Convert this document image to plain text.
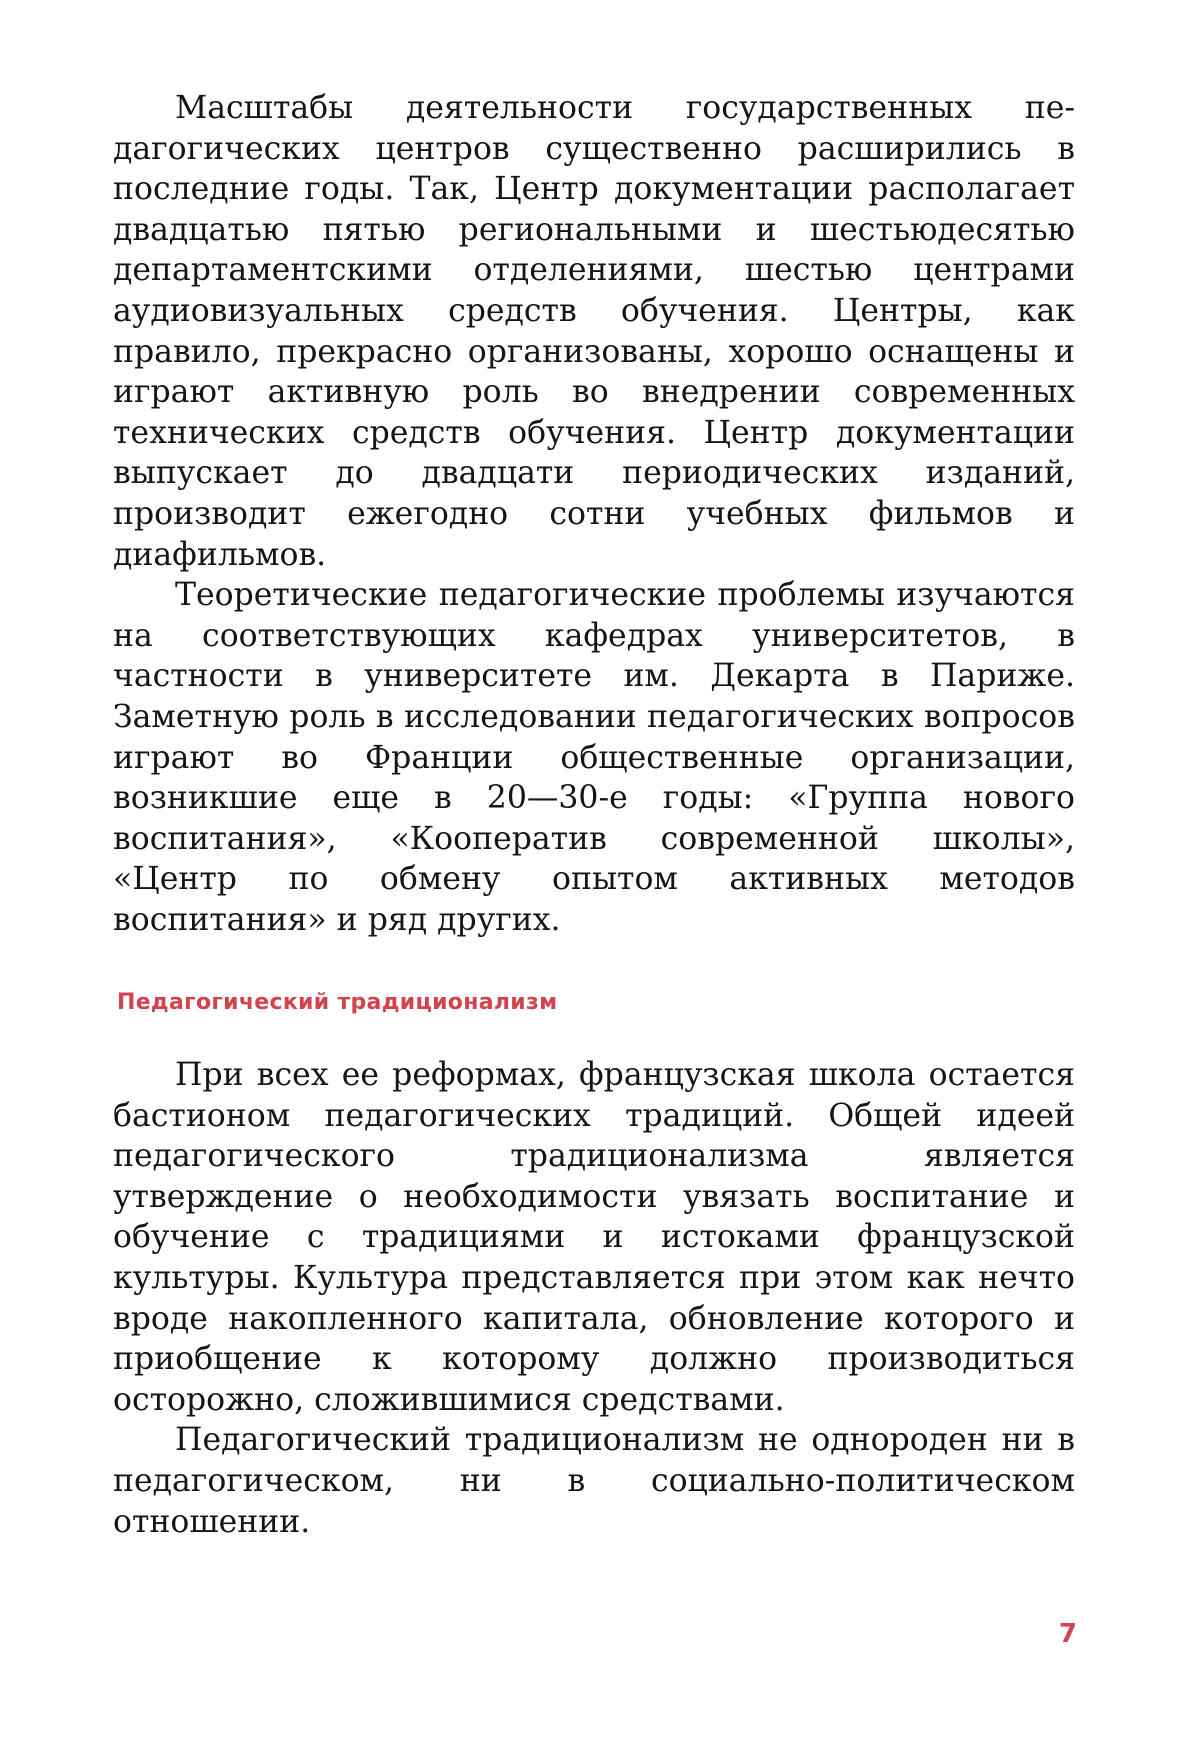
Масштабы деятельности государственных педагогических центров существенно расширились в последние годы. Так, Центр документации располагает двадцатью пятью региональными и шестьюдесятью департаментскими отделениями, шестью центрами аудиовизуальных средств обучения. Центры, как правило, прекрасно организованы, хорошо оснащены и играют активную роль во внедрении современных технических средств обучения. Центр документации выпускает до двадцати периодических изданий, производит ежегодно сотни учебных фильмов и диафильмов.

Теоретические педагогические проблемы изучаются на соответствующих кафедрах университетов, в частности в университете им. Декарта в Париже. Заметную роль в исследовании педагогических вопросов играют во Франции общественные организации, возникшие еще в 20—30-е годы: «Группа нового воспитания», «Кооператив современной школы», «Центр по обмену опытом активных методов воспитания» и ряд других.

Педагогический традиционализм

При всех ее реформах, французская школа остается бастионом педагогических традиций. Общей идеей педагогического традиционализма является утверждение о необходимости увязать воспитание и обучение с традициями и истоками французской культуры. Культура представляется при этом как нечто вроде накопленного капитала, обновление которого и приобщение к которому должно производиться осторожно, сложившимися средствами.

Педагогический традиционализм не однороден ни в педагогическом, ни в социально-политическом отношении.

7
